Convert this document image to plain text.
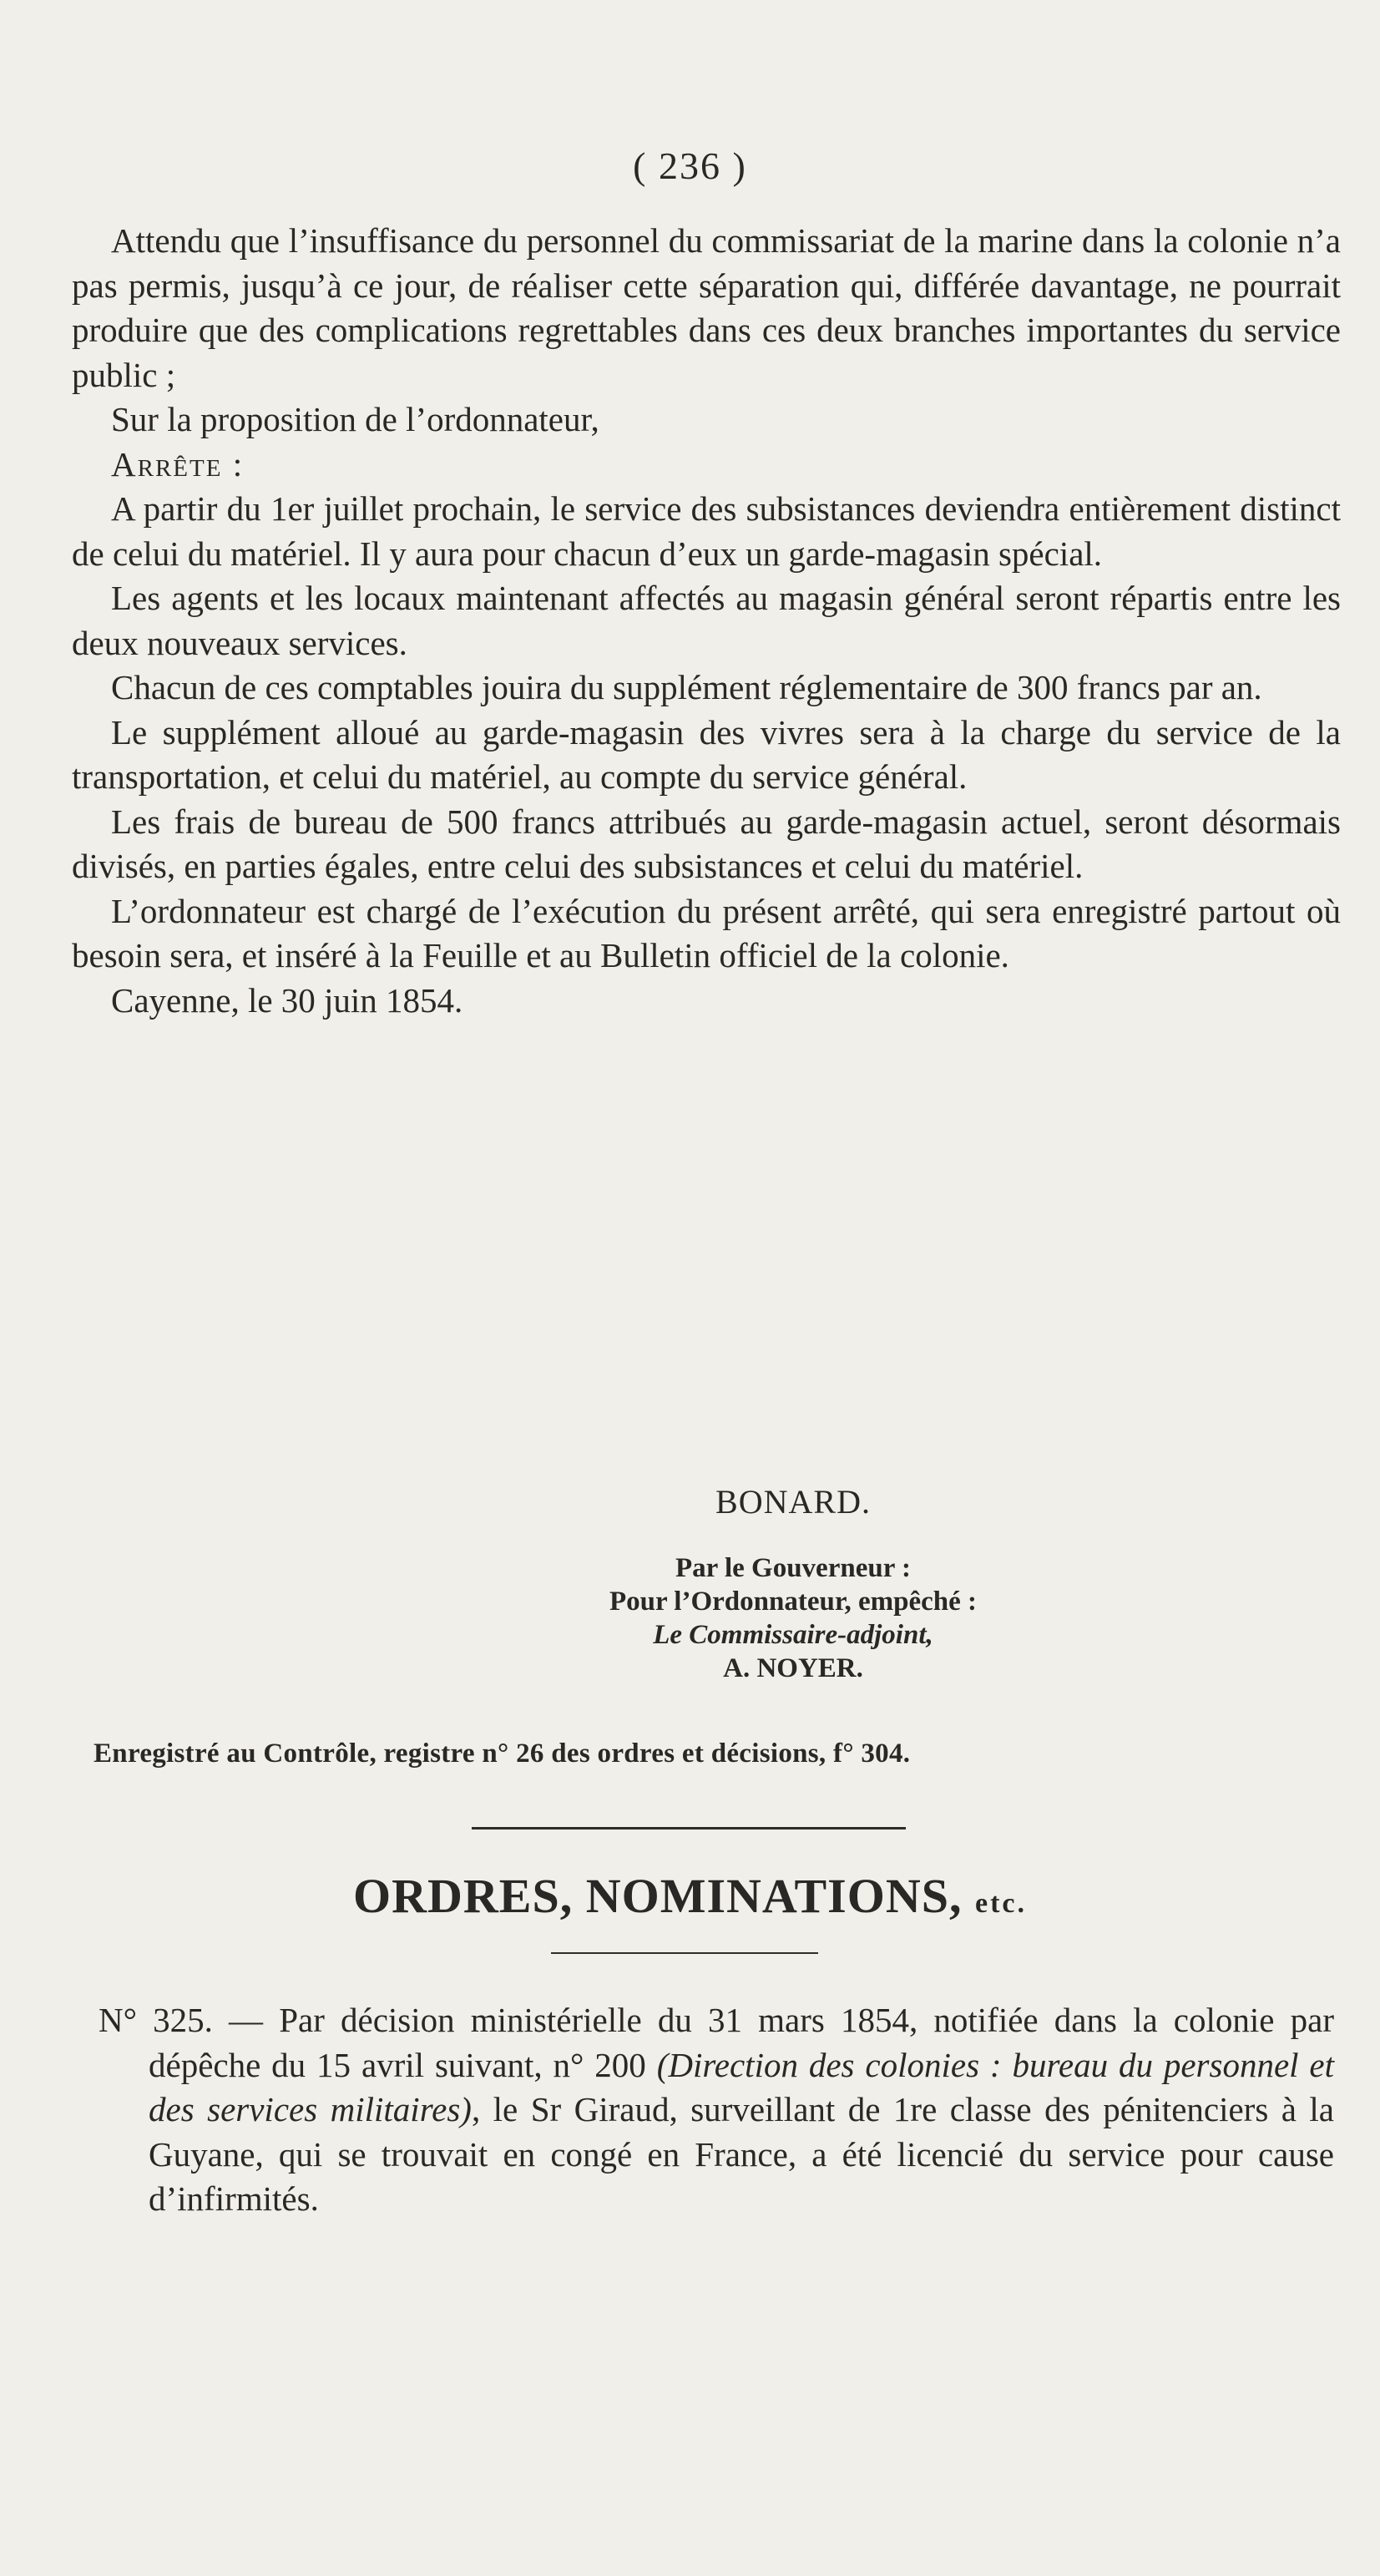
( 236 )

Attendu que l’insuffisance du personnel du commissariat de la marine dans la colonie n’a pas permis, jusqu’à ce jour, de réaliser cette séparation qui, différée davantage, ne pourrait produire que des complications regrettables dans ces deux branches importantes du service public ;

Sur la proposition de l’ordonnateur,

Arrête :

A partir du 1er juillet prochain, le service des subsistances deviendra entièrement distinct de celui du matériel. Il y aura pour chacun d’eux un garde-magasin spécial.

Les agents et les locaux maintenant affectés au magasin général seront répartis entre les deux nouveaux services.

Chacun de ces comptables jouira du supplément réglementaire de 300 francs par an.

Le supplément alloué au garde-magasin des vivres sera à la charge du service de la transportation, et celui du matériel, au compte du service général.

Les frais de bureau de 500 francs attribués au garde-magasin actuel, seront désormais divisés, en parties égales, entre celui des subsistances et celui du matériel.

L’ordonnateur est chargé de l’exécution du présent arrêté, qui sera enregistré partout où besoin sera, et inséré à la Feuille et au Bulletin officiel de la colonie.

Cayenne, le 30 juin 1854.

BONARD.
Par le Gouverneur :
Pour l’Ordonnateur, empêché :
Le Commissaire-adjoint,
A. NOYER.
Enregistré au Contrôle, registre n° 26 des ordres et décisions, f° 304.
ORDRES, NOMINATIONS, etc.

N° 325. — Par décision ministérielle du 31 mars 1854, notifiée dans la colonie par dépêche du 15 avril suivant, n° 200 (Direction des colonies : bureau du personnel et des services militaires), le Sr Giraud, surveillant de 1re classe des pénitenciers à la Guyane, qui se trouvait en congé en France, a été licencié du service pour cause d’infirmités.
